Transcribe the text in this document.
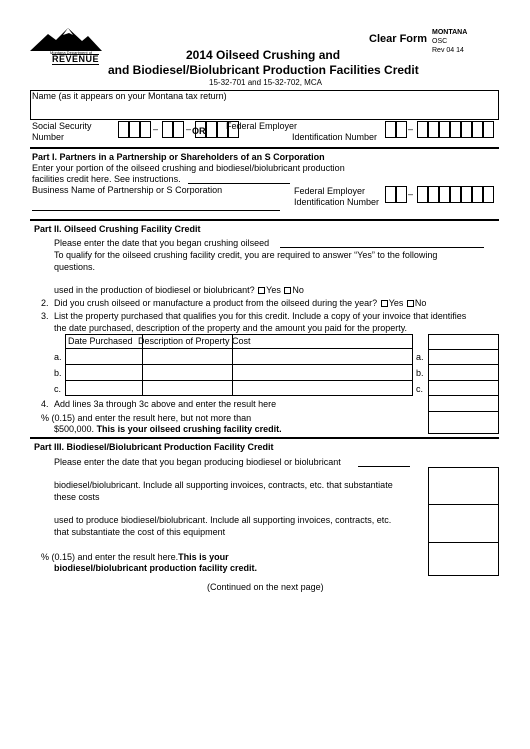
Montana Department of
REVENUE
Clear Form
MONTANA
OSC
Rev 04 14
2014 Oilseed Crushing and
and Biodiesel/Biolubricant Production Facilities Credit
15-32-701 and 15-32-702, MCA
Name (as it appears on your Montana tax return)
Social Security
Number
–	– OR Federal Employer
Identification Number
–
Part I. Partners in a Partnership or Shareholders of an S Corporation
Enter your portion of the oilseed crushing and biodiesel/biolubricant production
facilities credit here. See instructions.
Business Name of Partnership or S Corporation	Federal Employer
Identification Number
–
Part II. Oilseed Crushing Facility Credit
Please enter the date that you began crushing oilseed
To qualify for the oilseed crushing facility credit, you are required to answer “Yes” to the following
questions.
used in the production of biodiesel or biolubricant? Yes No
2. Did you crush oilseed or manufacture a product from the oilseed during the year? Yes No
3. List the property purchased that qualifies you for this credit. Include a copy of your invoice that identifies
the date purchased, description of the property and the amount you paid for the property.
Date Purchased Description of Property Cost
a.
b.
c.
a.
b.
c.
4. Add lines 3a through 3c above and enter the result here
% (0.15) and enter the result here, but not more than
$500,000. This is your oilseed crushing facility credit.
Part III. Biodiesel/Biolubricant Production Facility Credit
Please enter the date that you began producing biodiesel or biolubricant
biodiesel/biolubricant. Include all supporting invoices, contracts, etc. that substantiate
these costs
used to produce biodiesel/biolubricant. Include all supporting invoices, contracts, etc.
that substantiate the cost of this equipment
% (0.15) and enter the result here.This is your
biodiesel/biolubricant production facility credit.
(Continued on the next page)
